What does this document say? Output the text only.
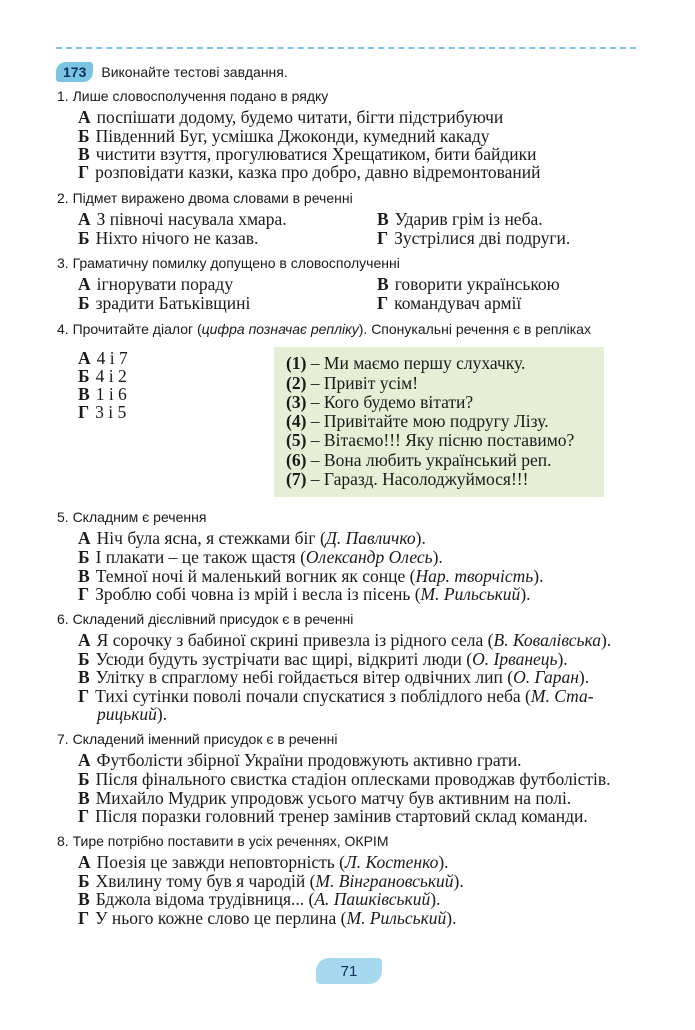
173	Виконайте тестові завдання.
1. Лише словосполучення подано в рядку
А поспішати додому, будемо читати, бігти підстрибуючи
Б Південний Буг, усмішка Джоконди, кумедний какаду
В чистити взуття, прогулюватися Хрещатиком, бити байдики
Г розповідати казки, казка про добро, давно відремонтований
2. Підмет виражено двома словами в реченні
А З півночі насувала хмара.
Б Ніхто нічого не казав.
В Ударив грім із неба.
Г Зустрілися дві подруги.
3. Граматичну помилку допущено в словосполученні
А ігнорувати пораду
Б зрадити Батьківщині
В говорити українською
Г командувач армії
4. Прочитайте діалог (цифра позначає репліку). Спонукальні речення є в репліках
А 4 і 7
Б 4 і 2
В 1 і 6
Г 3 і 5
(1) – Ми маємо першу слухачку.
(2) – Привіт усім!
(3) – Кого будемо вітати?
(4) – Привітайте мою подругу Лізу.
(5) – Вітаємо!!! Яку пісню поставимо?
(6) – Вона любить український реп.
(7) – Гаразд. Насолоджуймося!!!
5. Складним є речення
А Ніч була ясна, я стежками біг (Д. Павличко).
Б І плакати – це також щастя (Олександр Олесь).
В Темної ночі й маленький вогник як сонце (Нар. творчість).
Г Зроблю собі човна із мрій і весла із пісень (М. Рильський).
6. Складений дієслівний присудок є в реченні
А Я сорочку з бабиної скрині привезла із рідного села (В. Ковалівська).
Б Усюди будуть зустрічати вас щирі, відкриті люди (О. Ірванець).
В Улітку в спраглому небі гойдається вітер одвічних лип (О. Гаран).
Г Тихі сутінки поволі почали спускатися з поблідлого неба (М. Ста-
рицький).
7. Складений іменний присудок є в реченні
А Футболісти збірної України продовжують активно грати.
Б Після фінального свистка стадіон оплесками проводжав футболістів.
В Михайло Мудрик упродовж усього матчу був активним на полі.
Г Після поразки головний тренер замінив стартовий склад команди.
8. Тире потрібно поставити в усіх реченнях, ОКРІМ
А Поезія це завжди неповторність (Л. Костенко).
Б Хвилину тому був я чародій (М. Вінграновський).
В Бджола відома трудівниця... (А. Пашківський).
Г У нього кожне слово це перлина (М. Рильський).
71
